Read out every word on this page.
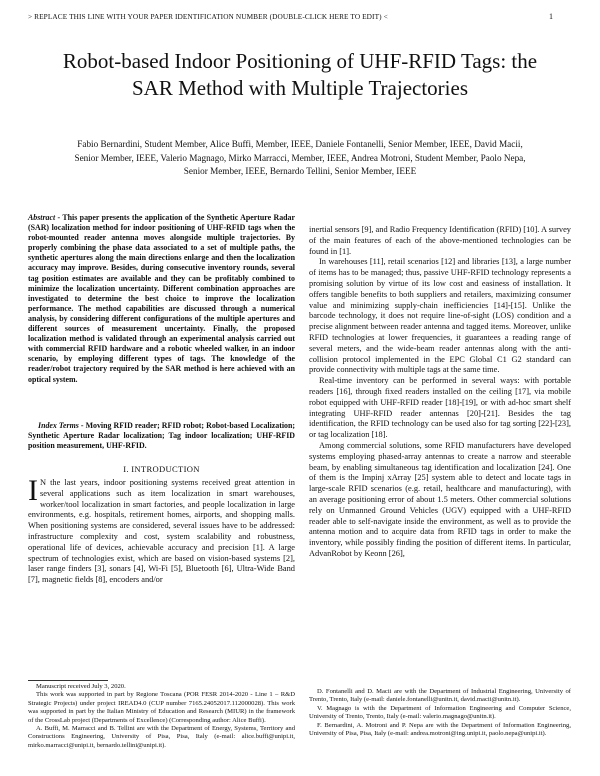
> REPLACE THIS LINE WITH YOUR PAPER IDENTIFICATION NUMBER (DOUBLE-CLICK HERE TO EDIT) <	1
Robot-based Indoor Positioning of UHF-RFID Tags: the SAR Method with Multiple Trajectories
Fabio Bernardini, Student Member, Alice Buffi, Member, IEEE, Daniele Fontanelli, Senior Member, IEEE, David Macii, Senior Member, IEEE, Valerio Magnago, Mirko Marracci, Member, IEEE, Andrea Motroni, Student Member, Paolo Nepa, Senior Member, IEEE, Bernardo Tellini, Senior Member, IEEE
Abstract - This paper presents the application of the Synthetic Aperture Radar (SAR) localization method for indoor positioning of UHF-RFID tags when the robot-mounted reader antenna moves alongside multiple trajectories. By properly combining the phase data associated to a set of multiple paths, the synthetic apertures along the main directions enlarge and then the localization accuracy may improve. Besides, during consecutive inventory rounds, several tag position estimates are available and they can be profitably combined to minimize the localization uncertainty. Different combination approaches are investigated to determine the best choice to improve the localization performance. The method capabilities are discussed through a numerical analysis, by considering different configurations of the multiple apertures and different sources of measurement uncertainty. Finally, the proposed localization method is validated through an experimental analysis carried out with commercial RFID hardware and a robotic wheeled walker, in an indoor scenario, by employing different types of tags. The knowledge of the reader/robot trajectory required by the SAR method is here achieved with an optical system.
Index Terms - Moving RFID reader; RFID robot; Robot-based Localization; Synthetic Aperture Radar localization; Tag indoor localization; UHF-RFID position measurement, UHF-RFID.
I. INTRODUCTION
I N the last years, indoor positioning systems received great attention in several applications such as item localization in smart warehouses, worker/tool localization in smart factories, and people localization in large environments, e.g. hospitals, retirement homes, airports, and shopping malls. When positioning systems are considered, several issues have to be addressed: infrastructure complexity and cost, system scalability and robustness, operational life of devices, achievable accuracy and precision [1]. A large spectrum of technologies exist, which are based on vision-based systems [2], laser range finders [3], sonars [4], Wi-Fi [5], Bluetooth [6], Ultra-Wide Band [7], magnetic fields [8], encoders and/or

inertial sensors [9], and Radio Frequency Identification (RFID) [10]. A survey of the main features of each of the above-mentioned technologies can be found in [1].

In warehouses [11], retail scenarios [12] and libraries [13], a large number of items has to be managed; thus, passive UHF-RFID technology represents a promising solution by virtue of its low cost and easiness of installation. It offers tangible benefits to both suppliers and retailers, maximizing consumer value and minimizing supply-chain inefficiencies [14]-[15]. Unlike the barcode technology, it does not require line-of-sight (LOS) condition and a precise alignment between reader antenna and tagged items. Moreover, unlike RFID technologies at lower frequencies, it guarantees a reading range of several meters, and the wide-beam reader antennas along with the anti-collision protocol implemented in the EPC Global C1 G2 standard can provide connectivity with multiple tags at the same time.

Real-time inventory can be performed in several ways: with portable readers [16], through fixed readers installed on the ceiling [17], via mobile robot equipped with UHF-RFID reader [18]-[19], or with ad-hoc smart shelf integrating UHF-RFID reader antennas [20]-[21]. Besides the tag identification, the RFID technology can be used also for tag sorting [22]-[23], or tag localization [18].

Among commercial solutions, some RFID manufacturers have developed systems employing phased-array antennas to create a narrow and steerable beam, by enabling simultaneous tag identification and localization [24]. One of them is the Impinj xArray [25] system able to detect and locate tags in large-scale RFID scenarios (e.g. retail, healthcare and manufacturing), with an average positioning error of about 1.5 meters. Other commercial solutions rely on Unmanned Ground Vehicles (UGV) equipped with a UHF-RFID reader able to self-navigate inside the environment, as well as to provide the antenna motion and to acquire data from RFID tags in order to make the inventory, while possibly finding the position of different items. In particular, AdvanRobot by Keonn [26],

Manuscript received July 3, 2020.

This work was supported in part by Regione Toscana (POR FESR 2014-2020 - Line 1 – R&D Strategic Projects) under project IREAD4.0 (CUP number 7165.24052017.112000028). This work was supported in part by the Italian Ministry of Education and Research (MIUR) in the framework of the CrossLab project (Departments of Excellence) (Corresponding author: Alice Buffi).

A. Buffi, M. Marracci and B. Tellini are with the Department of Energy, Systems, Territory and Constructions Engineering, University of Pisa, Pisa, Italy (e-mail: alice.buffi@unipi.it, mirko.marracci@unipi.it, bernardo.tellini@unipi.it).

D. Fontanelli and D. Macii are with the Department of Industrial Engineering, University of Trento, Trento, Italy (e-mail: daniele.fontanelli@unitn.it, david.macii@unitn.it).

V. Magnago is with the Department of Information Engineering and Computer Science, University of Trento, Trento, Italy (e-mail: valerio.magnago@unitn.it).

F. Bernardini, A. Motroni and P. Nepa are with the Department of Information Engineering, University of Pisa, Pisa, Italy (e-mail: andrea.motroni@ing.unipi.it, paolo.nepa@unipi.it).
